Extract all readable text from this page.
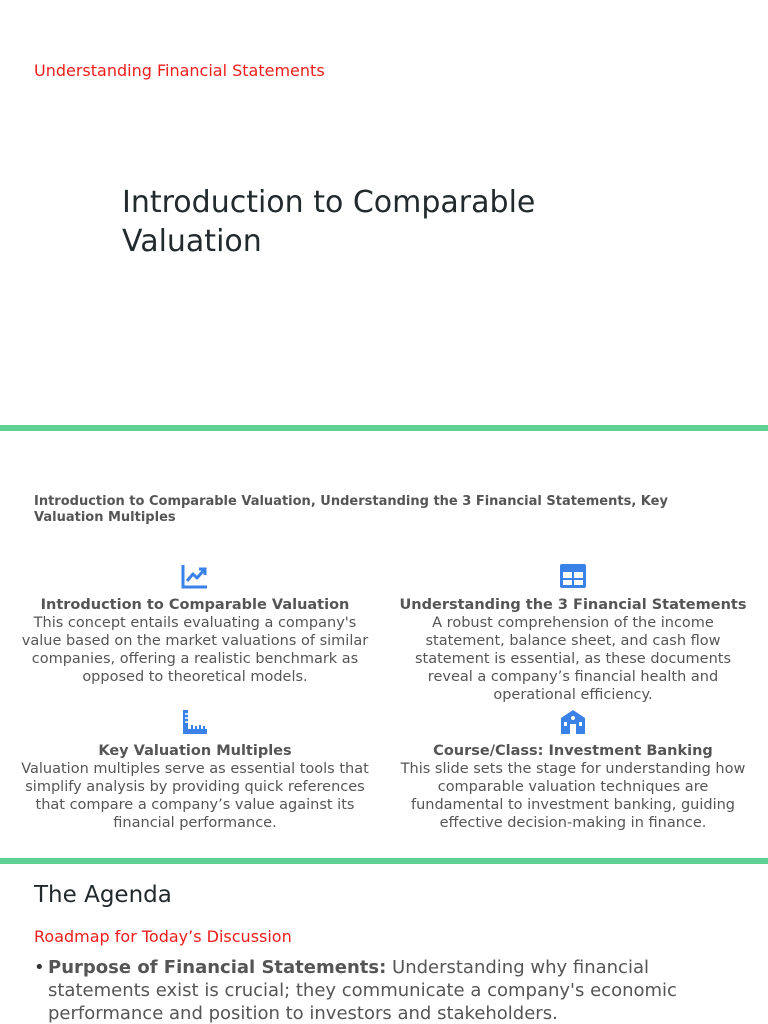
Understanding Financial Statements

Introduction to Comparable Valuation

Introduction to Comparable Valuation, Understanding the 3 Financial Statements, Key Valuation Multiples

Introduction to Comparable Valuation

This concept entails evaluating a company's value based on the market valuations of similar companies, offering a realistic benchmark as opposed to theoretical models.

Understanding the 3 Financial Statements

A robust comprehension of the income statement, balance sheet, and cash flow statement is essential, as these documents reveal a company’s financial health and operational efficiency.

Key Valuation Multiples

Valuation multiples serve as essential tools that simplify analysis by providing quick references that compare a company’s value against its financial performance.

Course/Class: Investment Banking

This slide sets the stage for understanding how comparable valuation techniques are fundamental to investment banking, guiding effective decision-making in finance.

The Agenda

Roadmap for Today’s Discussion

• Purpose of Financial Statements: Understanding why financial statements exist is crucial; they communicate a company's economic performance and position to investors and stakeholders.
